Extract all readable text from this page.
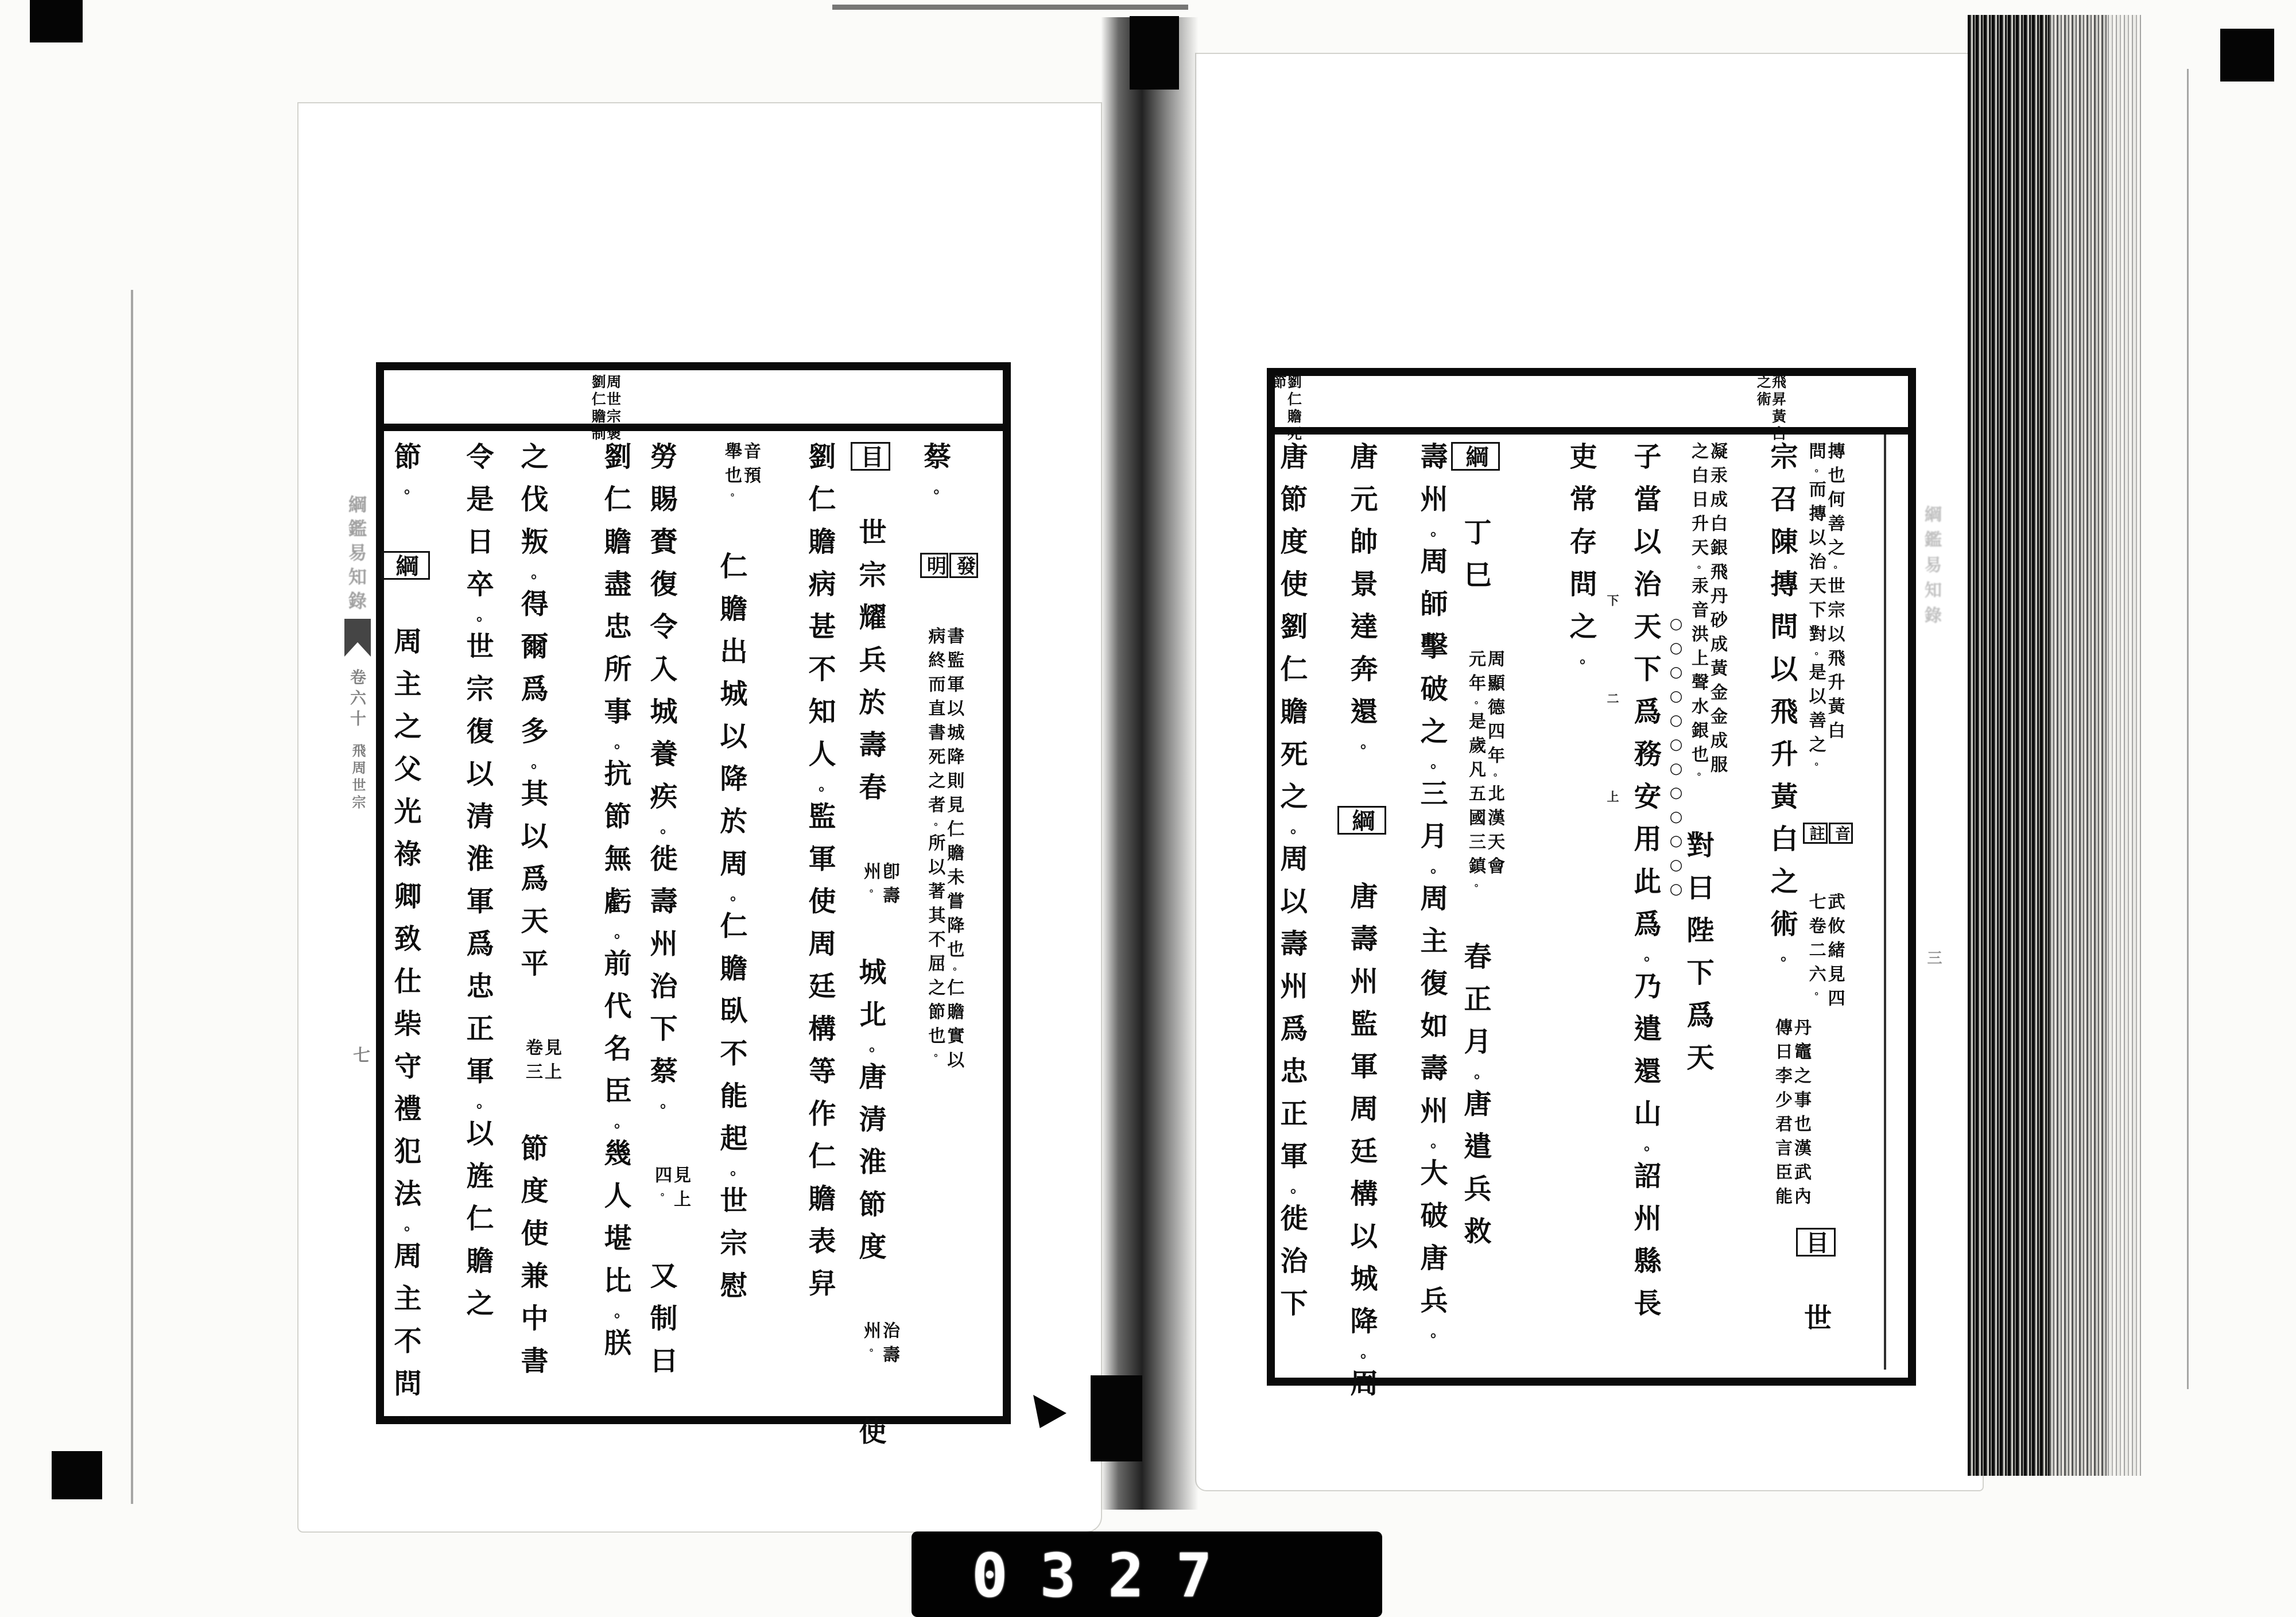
周世宗褒
劉仁贍制
蔡。
發
明

書監軍以城降則見仁贍未嘗降也。仁贍實以
病終而直書死之者。所以著其不屈之節也。
目 世宗耀兵於壽春
卽壽
州。
城北。唐清淮節度
治壽
州。
使
劉仁贍病甚不知人。監軍使周廷構等作仁贍表舁
音預
舉也。
仁贍出城以降於周。仁贍臥不能起。世宗慰
勞賜賚復令入城養疾。徙壽州治下蔡。
見上
四。
又制曰
劉仁贍盡忠所事。抗節無虧。前代名臣。幾人堪比。朕
之伐叛。得爾爲多。其以爲天平
見上
卷三
節度使兼中書
令是日卒。世宗復以清淮軍爲忠正軍。以旌仁贍之
節。 綱 周主之父光祿卿致仕柴守禮犯法。周主不問。
綱鑑易知錄
卷六十
飛周世宗
七
飛昇黃白
之術
劉仁贍死
節
摶也何善之。世宗以飛升黃白
問。而摶以治天下對。是以善之。

音
註

武攸緒見四
七卷二六。
目 世
宗召陳摶問以飛升黃白之術。
丹竈之事也漢武內
傳曰李少君言臣能
凝汞成白銀飛丹砂成黃金金成服
之白日升天。汞音洪上聲水銀也。
對曰陛下爲天
○○○○○○○○○○○○
子當以治天下爲務安用此爲。乃遣還山。詔州縣長
下二上
吏常存問之。
綱 丁巳
周顯德四年。北漢天會
元年。是歲凡五國三鎮。
春正月。唐遣兵救
壽州。周師擊破之。三月。周主復如壽州。大破唐兵。
唐元帥景達奔還。 綱 唐壽州監軍周廷構以城降。周
唐節度使劉仁贍死之。周以壽州爲忠正軍。徙治下
綱鑑易知錄
三
0327
